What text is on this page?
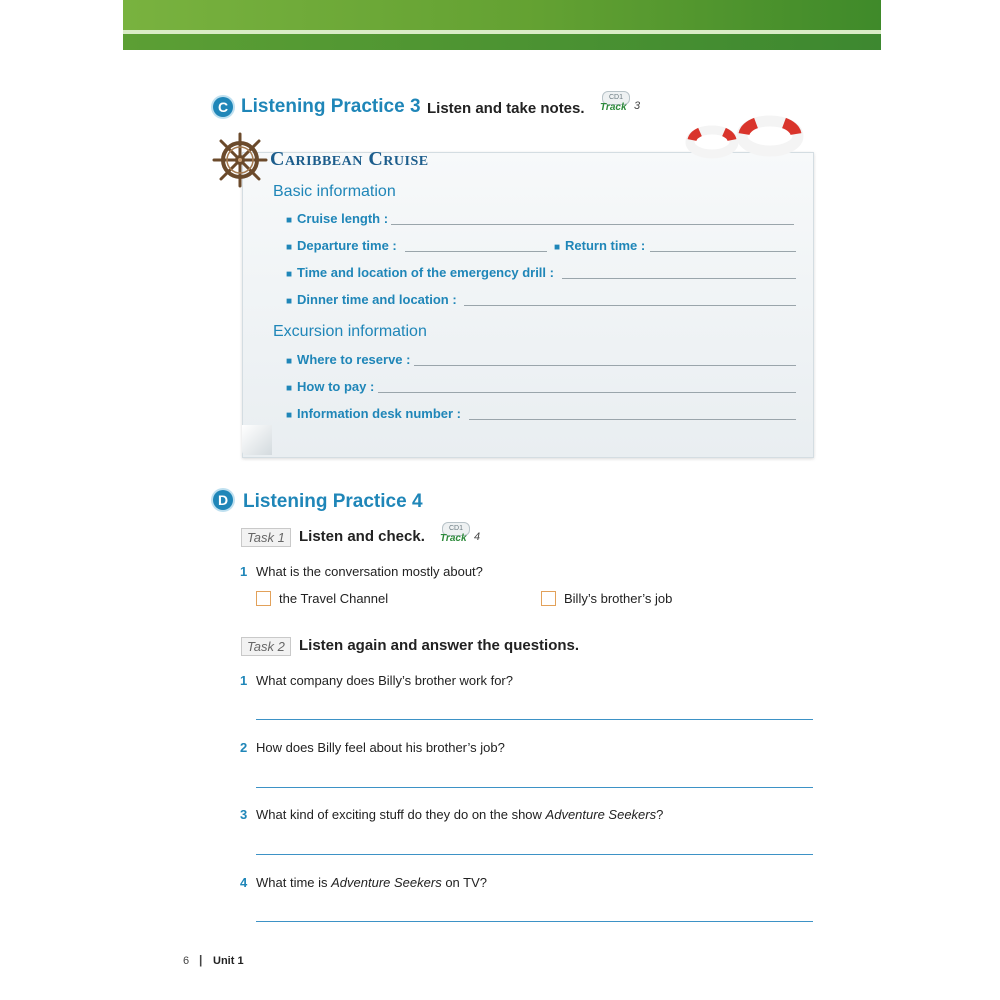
C Listening Practice 3 Listen and take notes.
CD1
Track 3
Caribbean Cruise
Basic information
■ Cruise length :
■ Departure time :	■ Return time :
■ Time and location of the emergency drill :
■ Dinner time and location :
Excursion information
■ Where to reserve :
■ How to pay :
■ Information desk number :
D Listening Practice 4
Task 1 Listen and check.	CD1
Track 4
1 What is the conversation mostly about?
the Travel Channel	Billy’s brother’s job
Task 2 Listen again and answer the questions.
1 What company does Billy’s brother work for?
2 How does Billy feel about his brother’s job?
3 What kind of exciting stuff do they do on the show Adventure Seekers?
4 What time is Adventure Seekers on TV?
6 | Unit 1
